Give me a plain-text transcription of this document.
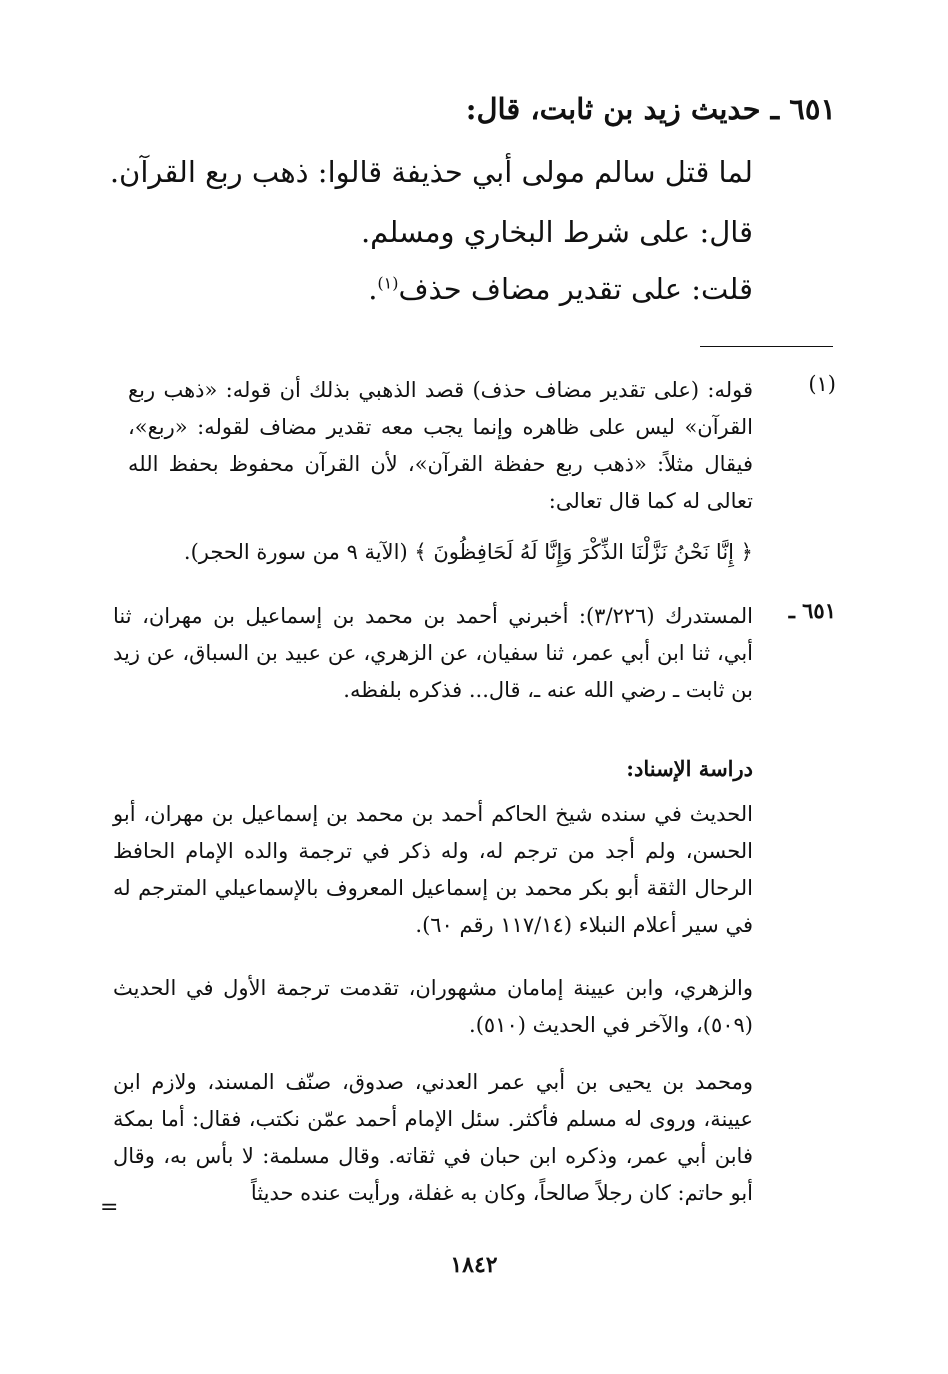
٦٥١ ـ حديث زيد بن ثابت، قال:
لما قتل سالم مولى أبي حذيفة قالوا: ذهب ربع القرآن.
قال: على شرط البخاري ومسلم.
قلت: على تقدير مضاف حذف$^{(١)}$.
(١)
قوله: (على تقدير مضاف حذف) قصد الذهبي بذلك أن قوله: «ذهب ربع القرآن» ليس على ظاهره وإنما يجب معه تقدير مضاف لقوله: «ربع»، فيقال مثلاً: «ذهب ربع حفظة القرآن»، لأن القرآن محفوظ بحفظ الله تعالى له كما قال تعالى:
﴿ إِنَّا نَحْنُ نَزَّلْنَا الذِّكْرَ وَإِنَّا لَهُ لَحَافِظُونَ ﴾ (الآية ٩ من سورة الحجر).
٦٥١ ـ
المستدرك (٣/٢٢٦): أخبرني أحمد بن محمد بن إسماعيل بن مهران، ثنا أبي، ثنا ابن أبي عمر، ثنا سفيان، عن الزهري، عن عبيد بن السباق، عن زيد بن ثابت ـ رضي الله عنه ـ، قال... فذكره بلفظه.
دراسة الإسناد:
الحديث في سنده شيخ الحاكم أحمد بن محمد بن إسماعيل بن مهران، أبو الحسن، ولم أجد من ترجم له، وله ذكر في ترجمة والده الإمام الحافظ الرحال الثقة أبو بكر محمد بن إسماعيل المعروف بالإسماعيلي المترجم له في سير أعلام النبلاء (١١٧/١٤ رقم ٦٠).
والزهري، وابن عيينة إمامان مشهوران، تقدمت ترجمة الأول في الحديث (٥٠٩)، والآخر في الحديث (٥١٠).
ومحمد بن يحيى بن أبي عمر العدني، صدوق، صنّف المسند، ولازم ابن عيينة، وروى له مسلم فأكثر. سئل الإمام أحمد عمّن نكتب، فقال: أما بمكة فابن أبي عمر، وذكره ابن حبان في ثقاته. وقال مسلمة: لا بأس به، وقال أبو حاتم: كان رجلاً صالحاً، وكان به غفلة، ورأيت عنده حديثاً
=
١٨٤٢
